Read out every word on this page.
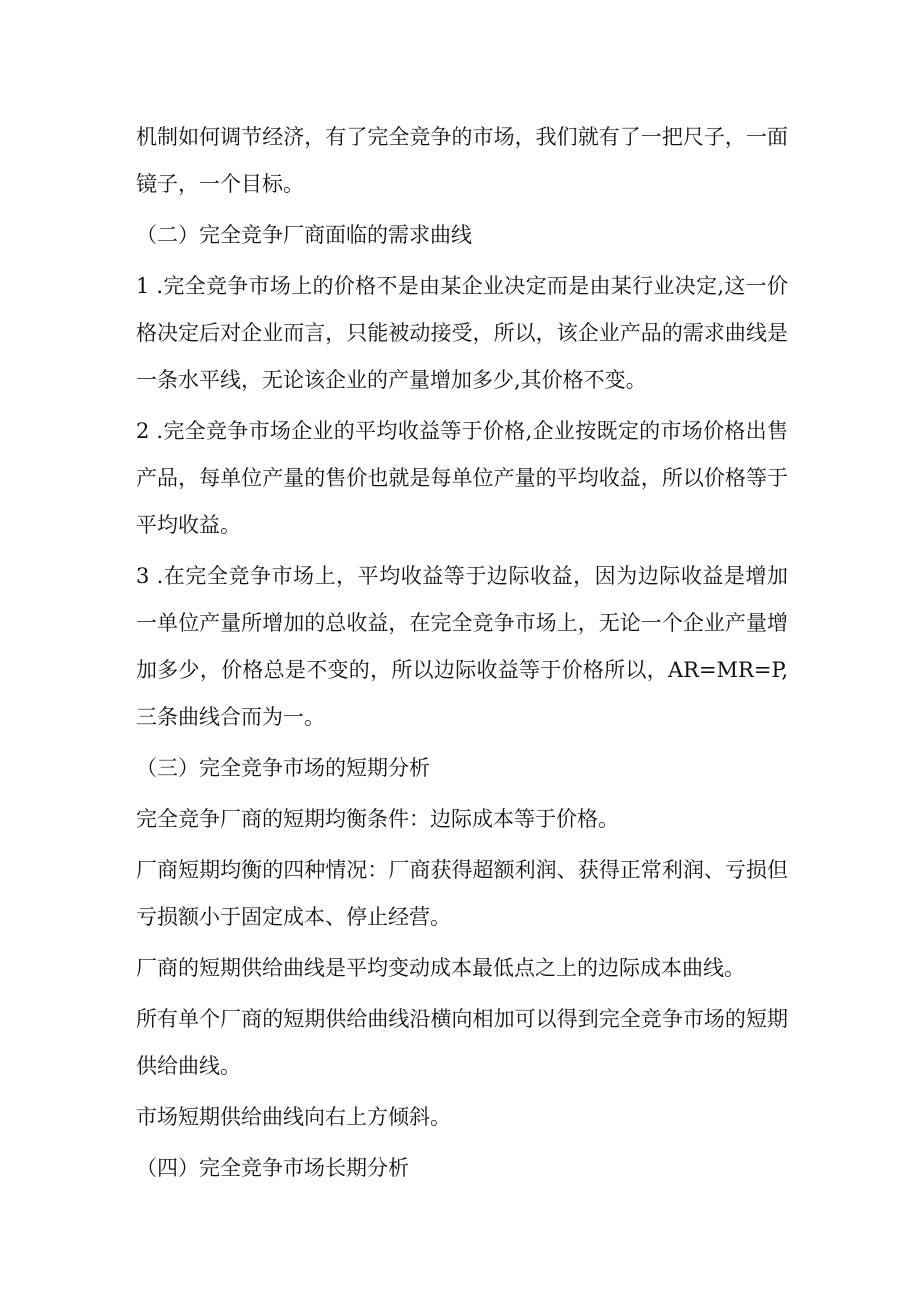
机制如何调节经济，有了完全竞争的市场，我们就有了一把尺子，一面镜子，一个目标。

（二）完全竞争厂商面临的需求曲线

1 .完全竞争市场上的价格不是由某企业决定而是由某行业决定,这一价格决定后对企业而言，只能被动接受，所以，该企业产品的需求曲线是一条水平线，无论该企业的产量增加多少,其价格不变。

2 .完全竞争市场企业的平均收益等于价格,企业按既定的市场价格出售产品，每单位产量的售价也就是每单位产量的平均收益，所以价格等于平均收益。

3 .在完全竞争市场上，平均收益等于边际收益，因为边际收益是增加一单位产量所增加的总收益，在完全竞争市场上，无论一个企业产量增加多少，价格总是不变的，所以边际收益等于价格所以，AR=MR=P,三条曲线合而为一。

（三）完全竞争市场的短期分析

完全竞争厂商的短期均衡条件：边际成本等于价格。

厂商短期均衡的四种情况：厂商获得超额利润、获得正常利润、亏损但亏损额小于固定成本、停止经营。

厂商的短期供给曲线是平均变动成本最低点之上的边际成本曲线。

所有单个厂商的短期供给曲线沿横向相加可以得到完全竞争市场的短期供给曲线。

市场短期供给曲线向右上方倾斜。

（四）完全竞争市场长期分析
